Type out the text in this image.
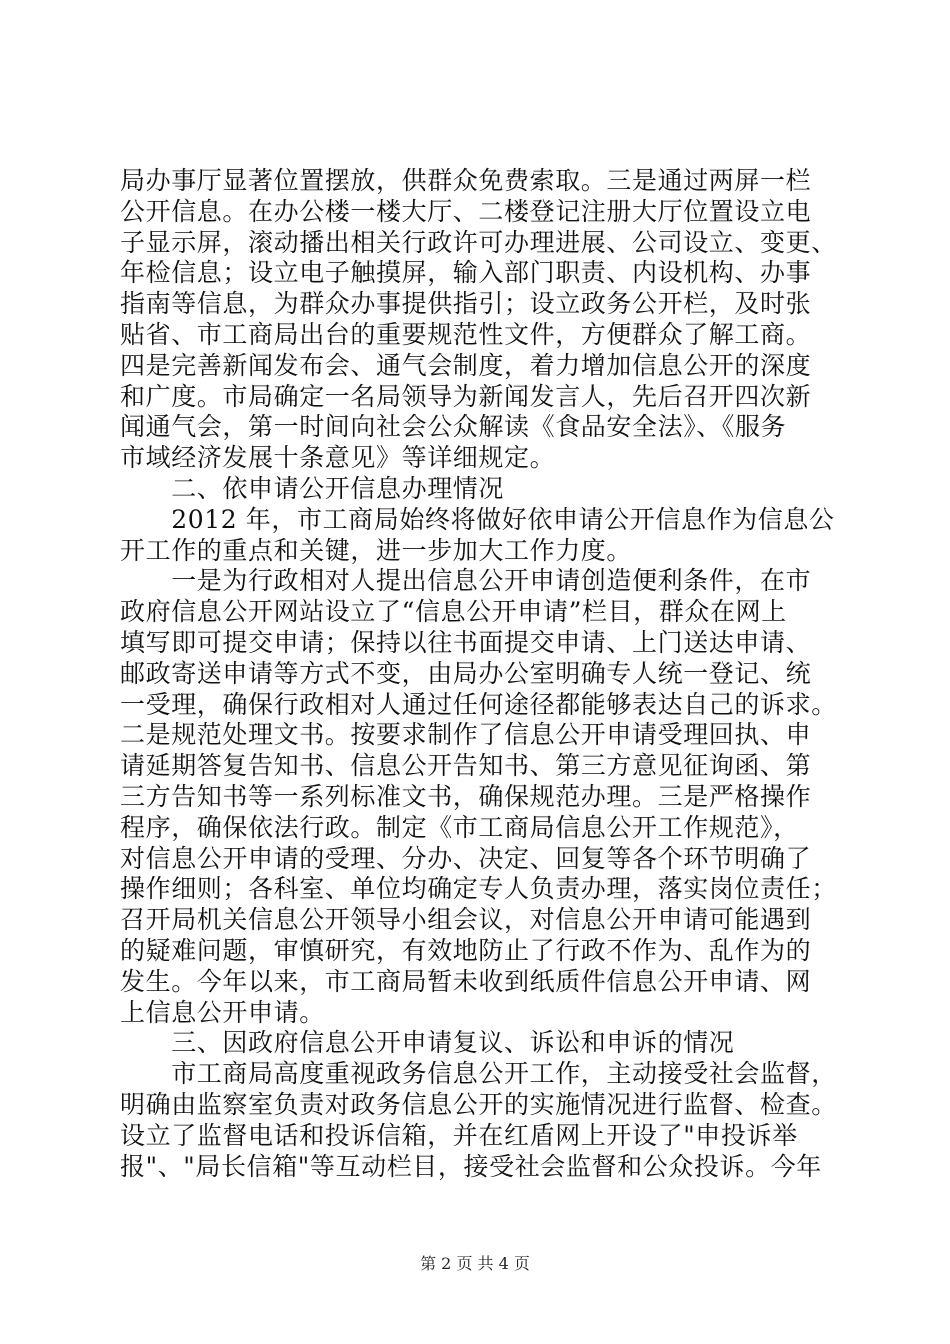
局办事厅显著位置摆放，供群众免费索取。三是通过两屏一栏
公开信息。在办公楼一楼大厅、二楼登记注册大厅位置设立电
子显示屏，滚动播出相关行政许可办理进展、公司设立、变更、
年检信息；设立电子触摸屏，输入部门职责、内设机构、办事
指南等信息，为群众办事提供指引；设立政务公开栏，及时张
贴省、市工商局出台的重要规范性文件，方便群众了解工商。
四是完善新闻发布会、通气会制度，着力增加信息公开的深度
和广度。市局确定一名局领导为新闻发言人，先后召开四次新
闻通气会，第一时间向社会公众解读《食品安全法》、《服务
市域经济发展十条意见》等详细规定。
　　二、依申请公开信息办理情况
　　2012 年，市工商局始终将做好依申请公开信息作为信息公
开工作的重点和关键，进一步加大工作力度。
　　一是为行政相对人提出信息公开申请创造便利条件，在市
政府信息公开网站设立了“信息公开申请”栏目，群众在网上
填写即可提交申请；保持以往书面提交申请、上门送达申请、
邮政寄送申请等方式不变，由局办公室明确专人统一登记、统
一受理，确保行政相对人通过任何途径都能够表达自己的诉求。
二是规范处理文书。按要求制作了信息公开申请受理回执、申
请延期答复告知书、信息公开告知书、第三方意见征询函、第
三方告知书等一系列标准文书，确保规范办理。三是严格操作
程序，确保依法行政。制定《市工商局信息公开工作规范》，
对信息公开申请的受理、分办、决定、回复等各个环节明确了
操作细则；各科室、单位均确定专人负责办理，落实岗位责任；
召开局机关信息公开领导小组会议，对信息公开申请可能遇到
的疑难问题，审慎研究，有效地防止了行政不作为、乱作为的
发生。今年以来，市工商局暂未收到纸质件信息公开申请、网
上信息公开申请。
　　三、因政府信息公开申请复议、诉讼和申诉的情况
　　市工商局高度重视政务信息公开工作，主动接受社会监督，
明确由监察室负责对政务信息公开的实施情况进行监督、检查。
设立了监督电话和投诉信箱，并在红盾网上开设了"申投诉举
报"、"局长信箱"等互动栏目，接受社会监督和公众投诉。今年
第 2 页 共 4 页
